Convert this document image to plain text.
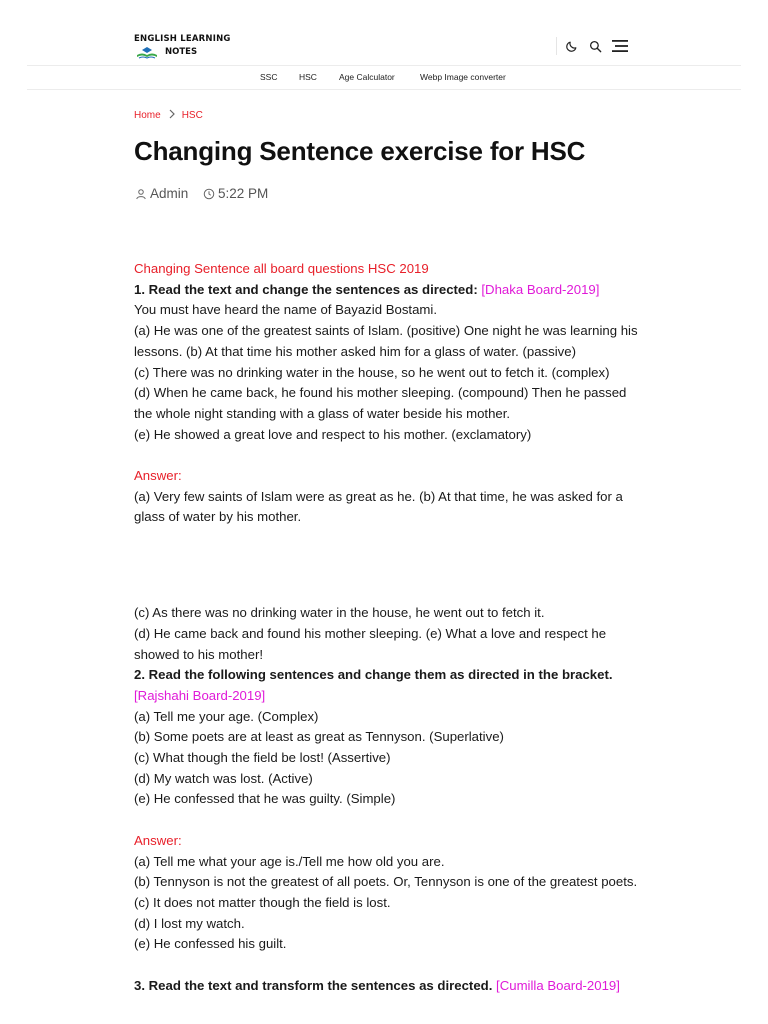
ENGLISH LEARNING
NOTES
SSC	HSC	Age Calculator	Webp Image converter
Home HSC
Changing Sentence exercise for HSC
Admin 5:22 PM

Changing Sentence all board questions HSC 2019

1. Read the text and change the sentences as directed: [Dhaka Board-2019]

You must have heard the name of Bayazid Bostami.

(a) He was one of the greatest saints of Islam. (positive) One night he was learning his lessons. (b) At that time his mother asked him for a glass of water. (passive)

(c) There was no drinking water in the house, so he went out to fetch it. (complex)

(d) When he came back, he found his mother sleeping. (compound) Then he passed the whole night standing with a glass of water beside his mother.

(e) He showed a great love and respect to his mother. (exclamatory)

Answer:

(a) Very few saints of Islam were as great as he. (b) At that time, he was asked for a glass of water by his mother.

(c) As there was no drinking water in the house, he went out to fetch it.

(d) He came back and found his mother sleeping. (e) What a love and respect he showed to his mother!

2. Read the following sentences and change them as directed in the bracket. [Rajshahi Board-2019]

(a) Tell me your age. (Complex)

(b) Some poets are at least as great as Tennyson. (Superlative)

(c) What though the field be lost! (Assertive)

(d) My watch was lost. (Active)

(e) He confessed that he was guilty. (Simple)

Answer:

(a) Tell me what your age is./Tell me how old you are.

(b) Tennyson is not the greatest of all poets. Or, Tennyson is one of the greatest poets.

(c) It does not matter though the field is lost.

(d) I lost my watch.

(e) He confessed his guilt.

3. Read the text and transform the sentences as directed. [Cumilla Board-2019]
